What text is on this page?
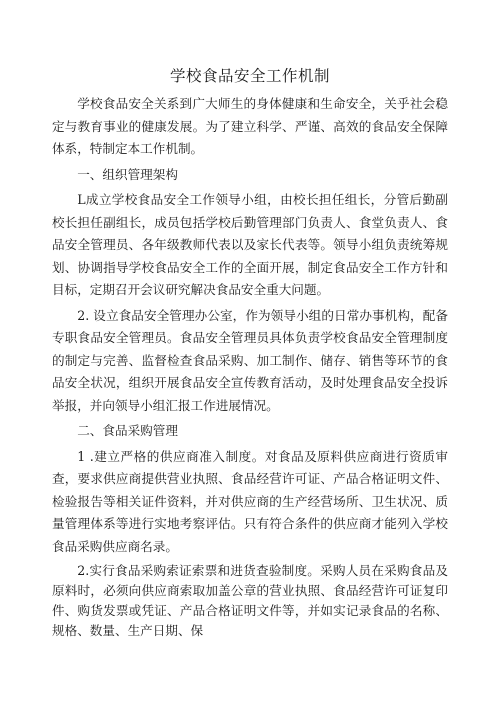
学校食品安全工作机制

学校食品安全关系到广大师生的身体健康和生命安全，关乎社会稳定与教育事业的健康发展。为了建立科学、严谨、高效的食品安全保障体系，特制定本工作机制。

一、组织管理架构

L成立学校食品安全工作领导小组，由校长担任组长，分管后勤副校长担任副组长，成员包括学校后勤管理部门负责人、食堂负责人、食品安全管理员、各年级教师代表以及家长代表等。领导小组负责统筹规划、协调指导学校食品安全工作的全面开展，制定食品安全工作方针和目标，定期召开会议研究解决食品安全重大问题。

2. 设立食品安全管理办公室，作为领导小组的日常办事机构，配备专职食品安全管理员。食品安全管理员具体负责学校食品安全管理制度的制定与完善、监督检查食品采购、加工制作、储存、销售等环节的食品安全状况，组织开展食品安全宣传教育活动，及时处理食品安全投诉举报，并向领导小组汇报工作进展情况。

二、食品采购管理

1 .建立严格的供应商准入制度。对食品及原料供应商进行资质审查，要求供应商提供营业执照、食品经营许可证、产品合格证明文件、检验报告等相关证件资料，并对供应商的生产经营场所、卫生状况、质量管理体系等进行实地考察评估。只有符合条件的供应商才能列入学校食品采购供应商名录。

2.实行食品采购索证索票和进货查验制度。采购人员在采购食品及原料时，必须向供应商索取加盖公章的营业执照、食品经营许可证复印件、购货发票或凭证、产品合格证明文件等，并如实记录食品的名称、规格、数量、生产日期、保
